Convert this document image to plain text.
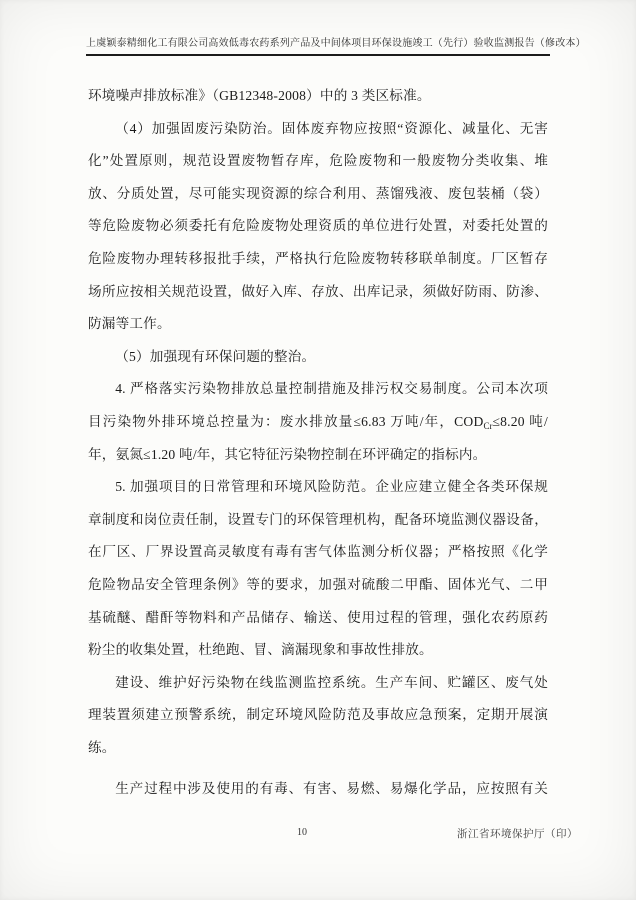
上虞颖泰精细化工有限公司高效低毒农药系列产品及中间体项目环保设施竣工（先行）验收监测报告（修改本）
环境噪声排放标准》（GB12348-2008）中的 3 类区标准。
（4）加强固废污染防治。固体废弃物应按照“资源化、减量化、无害
化”处置原则，规范设置废物暂存库，危险废物和一般废物分类收集、堆
放、分质处置，尽可能实现资源的综合利用、蒸馏残液、废包装桶（袋）
等危险废物必须委托有危险废物处理资质的单位进行处置，对委托处置的
危险废物办理转移报批手续，严格执行危险废物转移联单制度。厂区暂存
场所应按相关规范设置，做好入库、存放、出库记录，须做好防雨、防渗、
防漏等工作。
（5）加强现有环保问题的整治。
4. 严格落实污染物排放总量控制措施及排污权交易制度。公司本次项
目污染物外排环境总控量为：废水排放量≤6.83 万吨/年，$COD_{Cr}\le 8.20$ 吨/
年，氨氮≤1.20 吨/年，其它特征污染物控制在环评确定的指标内。
5. 加强项目的日常管理和环境风险防范。企业应建立健全各类环保规
章制度和岗位责任制，设置专门的环保管理机构，配备环境监测仪器设备，
在厂区、厂界设置高灵敏度有毒有害气体监测分析仪器；严格按照《化学
危险物品安全管理条例》等的要求，加强对硫酸二甲酯、固体光气、二甲
基硫醚、醋酐等物料和产品储存、输送、使用过程的管理，强化农药原药
粉尘的收集处置，杜绝跑、冒、滴漏现象和事故性排放。
建设、维护好污染物在线监测监控系统。生产车间、贮罐区、废气处
理装置须建立预警系统，制定环境风险防范及事故应急预案，定期开展演
练。
生产过程中涉及使用的有毒、有害、易燃、易爆化学品，应按照有关
10	浙江省环境保护厅（印）
